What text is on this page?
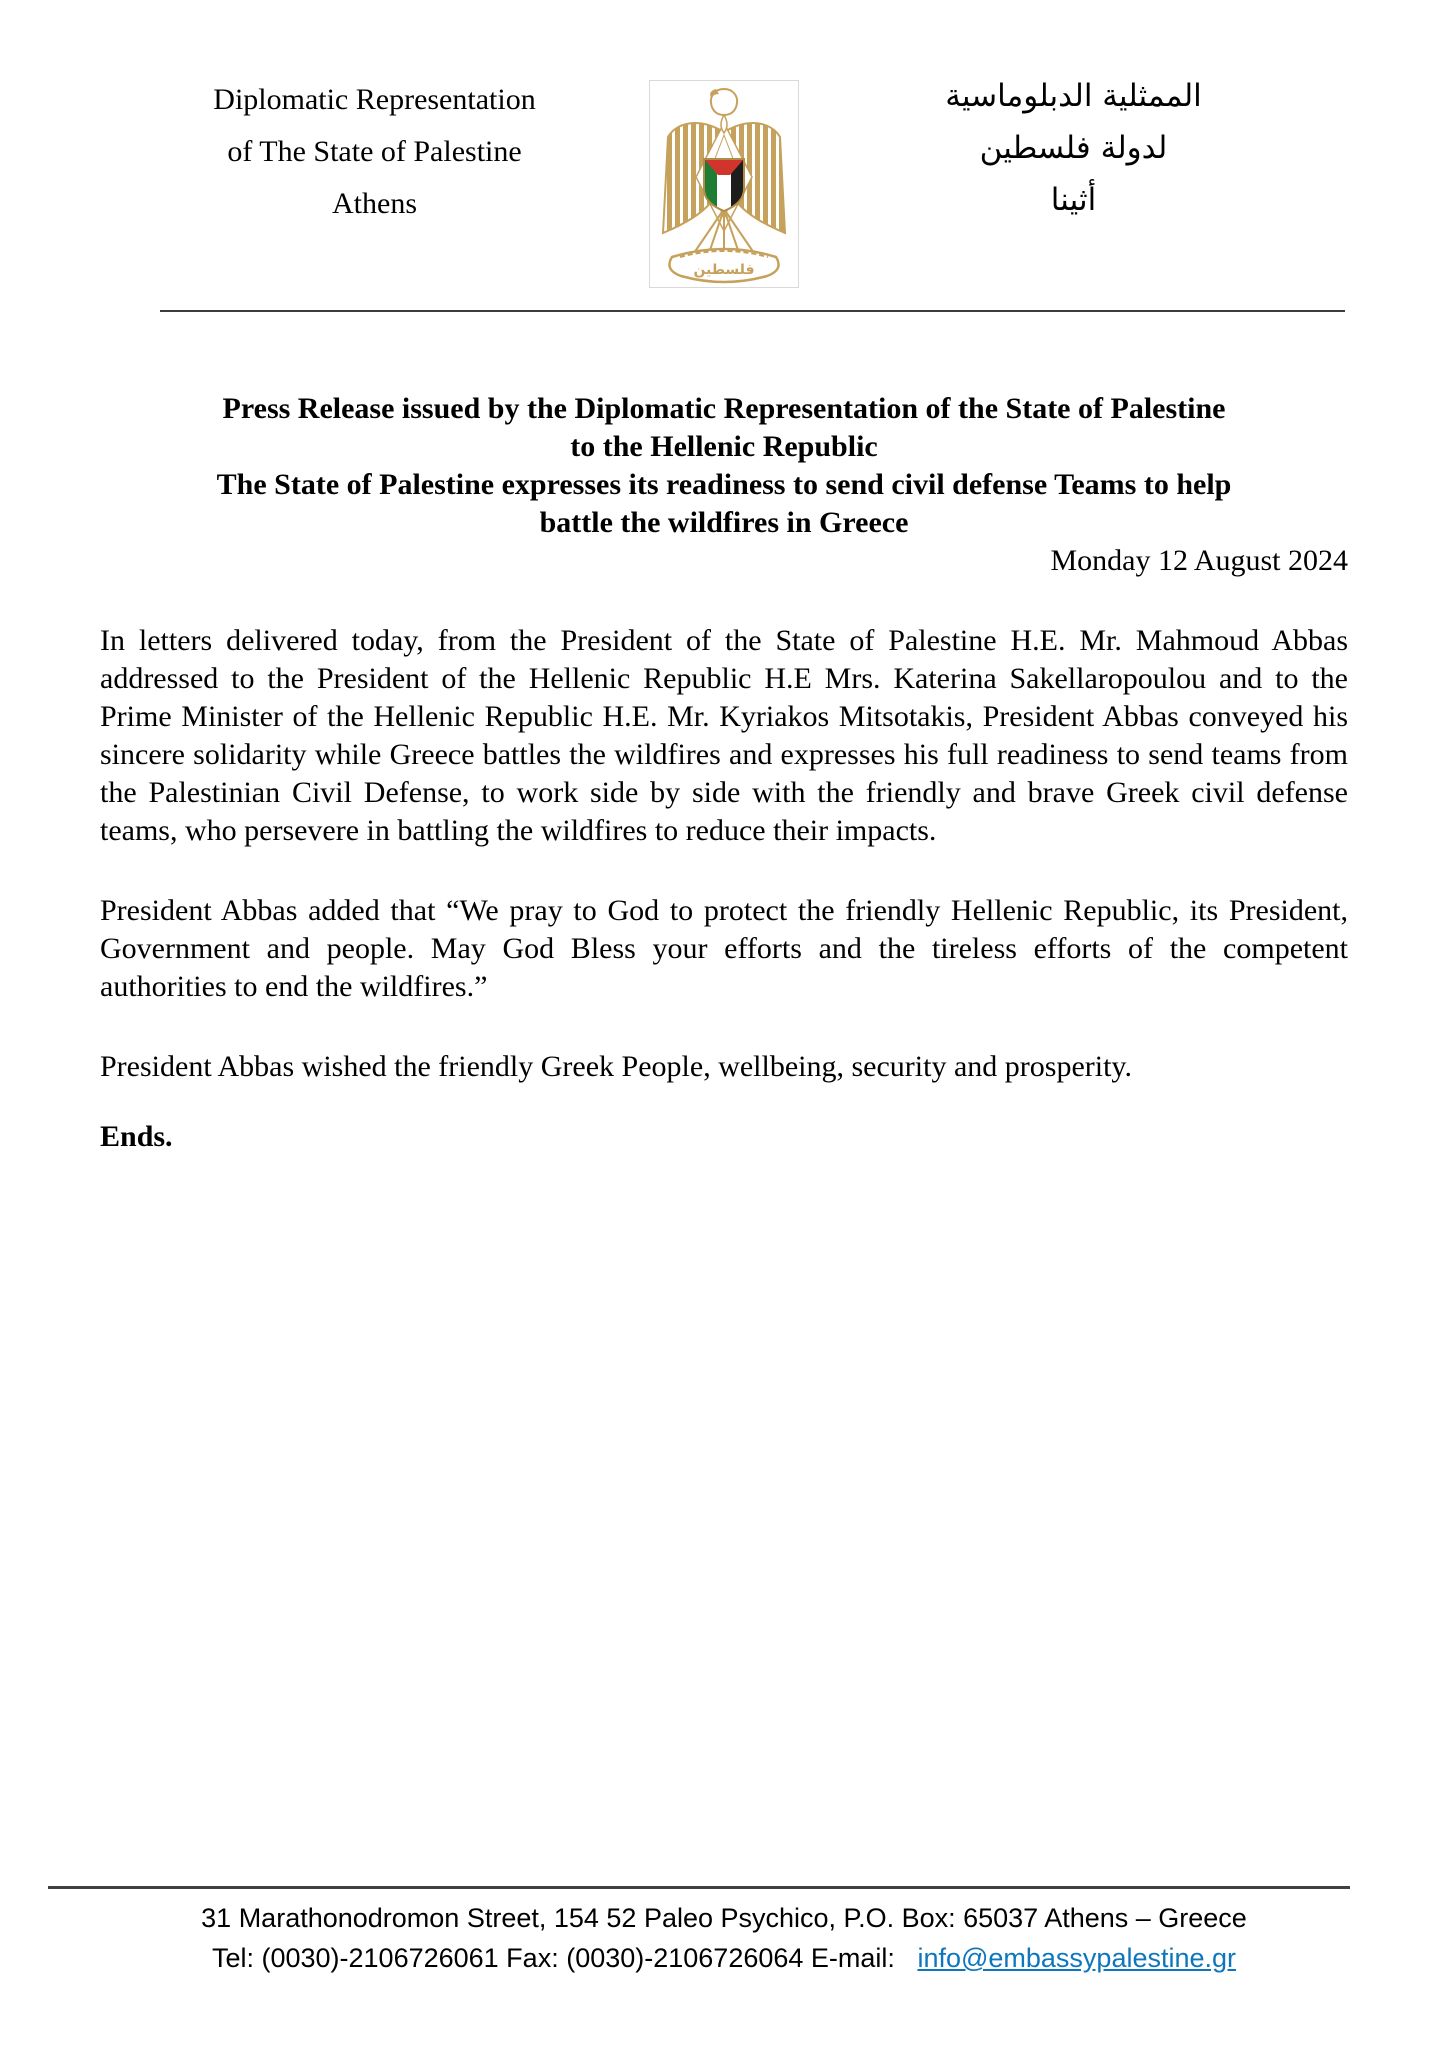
Diplomatic Representation
of The State of Palestine
Athens
فلسطين
الممثلية الدبلوماسية
لدولة فلسطين
أثينا
Press Release issued by the Diplomatic Representation of the State of Palestine
to the Hellenic Republic
The State of Palestine expresses its readiness to send civil defense Teams to help
battle the wildfires in Greece
Monday 12 August 2024

In letters delivered today, from the President of the State of Palestine H.E. Mr. Mahmoud Abbas addressed to the President of the Hellenic Republic H.E Mrs. Katerina Sakellaropoulou and to the Prime Minister of the Hellenic Republic H.E. Mr. Kyriakos Mitsotakis, President Abbas conveyed his sincere solidarity while Greece battles the wildfires and expresses his full readiness to send teams from the Palestinian Civil Defense, to work side by side with the friendly and brave Greek civil defense teams, who persevere in battling the wildfires to reduce their impacts.

President Abbas added that “We pray to God to protect the friendly Hellenic Republic, its President, Government and people. May God Bless your efforts and the tireless efforts of the competent authorities to end the wildfires.”

President Abbas wished the friendly Greek People, wellbeing, security and prosperity.

Ends.

31 Marathonodromon Street, 154 52 Paleo Psychico, P.O. Box: 65037 Athens – Greece
Tel: (0030)-2106726061 Fax: (0030)-2106726064 E-mail: info@embassypalestine.gr
